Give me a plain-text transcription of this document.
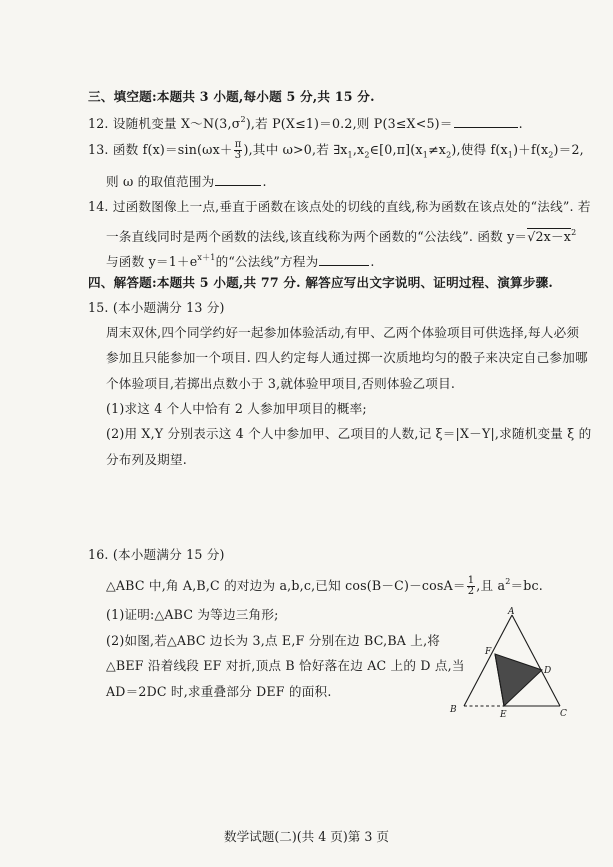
三、填空题:本题共 3 小题,每小题 5 分,共 15 分.
12. 设随机变量 $X\sim N(3,\sigma^2)$,若 P(X≤1)＝0.2,则 P(3≤X<5)＝	.
13. 函数 $f(x)=\sin(\omega x+ \frac{\pi}{3}$ ),其中 ω>0,若 $\exists x_1,x_2\in[0,\pi](x_1\ne x_2)$,使得 $f(x_1)+f(x_2)=2$,
则 ω 的取值范围为	.
14. 过函数图像上一点,垂直于函数在该点处的切线的直线,称为函数在该点处的“法线”. 若
一条直线同时是两个函数的法线,该直线称为两个函数的“公法线”. 函数 $y=√2x-x^2$
与函数 $y=1+e^{x+1}$的“公法线”方程为	.
四、解答题:本题共 5 小题,共 77 分. 解答应写出文字说明、证明过程、演算步骤.
15. (本小题满分 13 分)
周末双休,四个同学约好一起参加体验活动,有甲、乙两个体验项目可供选择,每人必须
参加且只能参加一个项目. 四人约定每人通过掷一次质地均匀的骰子来决定自己参加哪
个体验项目,若掷出点数小于 3,就体验甲项目,否则体验乙项目.
(1)求这 4 个人中恰有 2 人参加甲项目的概率;
(2)用 X,Y 分别表示这 4 个人中参加甲、乙项目的人数,记 ξ＝|X－Y|,求随机变量 ξ 的
分布列及期望.
16. (本小题满分 15 分)
△ABC 中,角 A,B,C 的对边为 a,b,c,已知 $\cos(B-C)-\cos A= \frac{1}{2}$ ,且 $a^2=bc$.
(1)证明:△ABC 为等边三角形;
(2)如图,若△ABC 边长为 3,点 E,F 分别在边 BC,BA 上,将
△BEF 沿着线段 EF 对折,顶点 B 恰好落在边 AC 上的 D 点,当
AD＝2DC 时,求重叠部分 DEF 的面积.
A
B	C
D
E
F
数学试题(二)(共 4 页)第 3 页
